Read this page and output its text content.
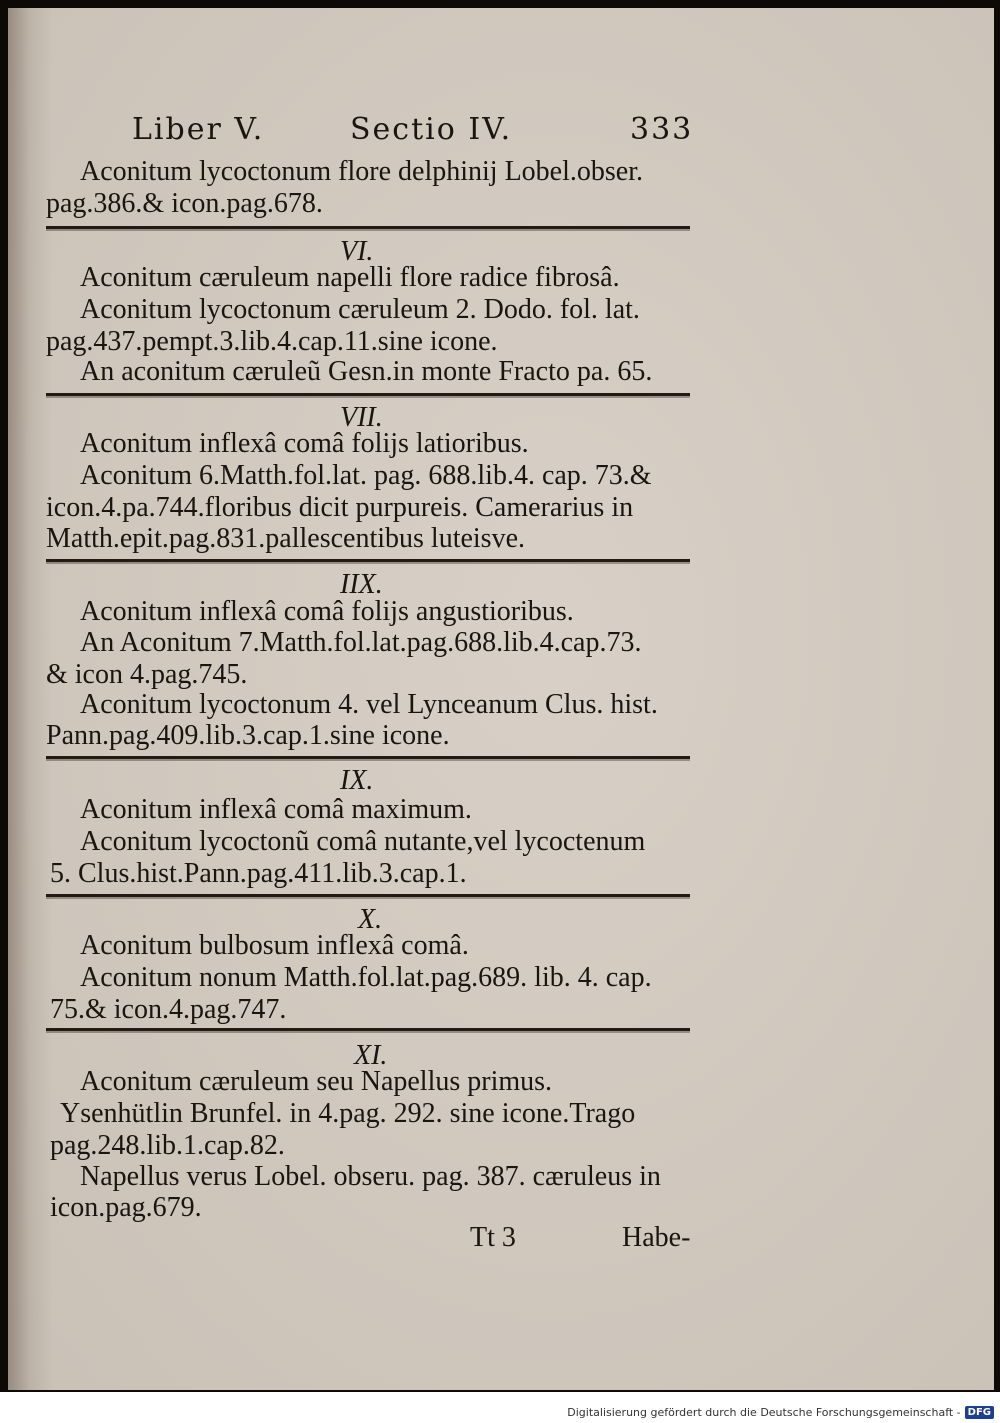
Liber V.	Sectio IV.	333
Aconitum lycoctonum flore delphinij Lobel.obser.
pag.386.& icon.pag.678.
VI.
Aconitum cæruleum napelli flore radice fibrosâ.
Aconitum lycoctonum cæruleum 2. Dodo. fol. lat.
pag.437.pempt.3.lib.4.cap.11.sine icone.
An aconitum cæruleũ Gesn.in monte Fracto pa. 65.
VII.
Aconitum inflexâ comâ folijs latioribus.
Aconitum 6.Matth.fol.lat. pag. 688.lib.4. cap. 73.&
icon.4.pa.744.floribus dicit purpureis. Camerarius in
Matth.epit.pag.831.pallescentibus luteisve.
IIX.
Aconitum inflexâ comâ folijs angustioribus.
An Aconitum 7.Matth.fol.lat.pag.688.lib.4.cap.73.
& icon 4.pag.745.
Aconitum lycoctonum 4. vel Lynceanum Clus. hist.
Pann.pag.409.lib.3.cap.1.sine icone.
IX.
Aconitum inflexâ comâ maximum.
Aconitum lycoctonũ comâ nutante,vel lycoctenum
5. Clus.hist.Pann.pag.411.lib.3.cap.1.
X.
Aconitum bulbosum inflexâ comâ.
Aconitum nonum Matth.fol.lat.pag.689. lib. 4. cap.
75.& icon.4.pag.747.
XI.
Aconitum cæruleum seu Napellus primus.
Ysenhütlin Brunfel. in 4.pag. 292. sine icone.Trago
pag.248.lib.1.cap.82.
Napellus verus Lobel. obseru. pag. 387. cæruleus in
icon.pag.679.
Tt 3	Habe-
Digitalisierung gefördert durch die Deutsche Forschungsgemeinschaft - DFG
